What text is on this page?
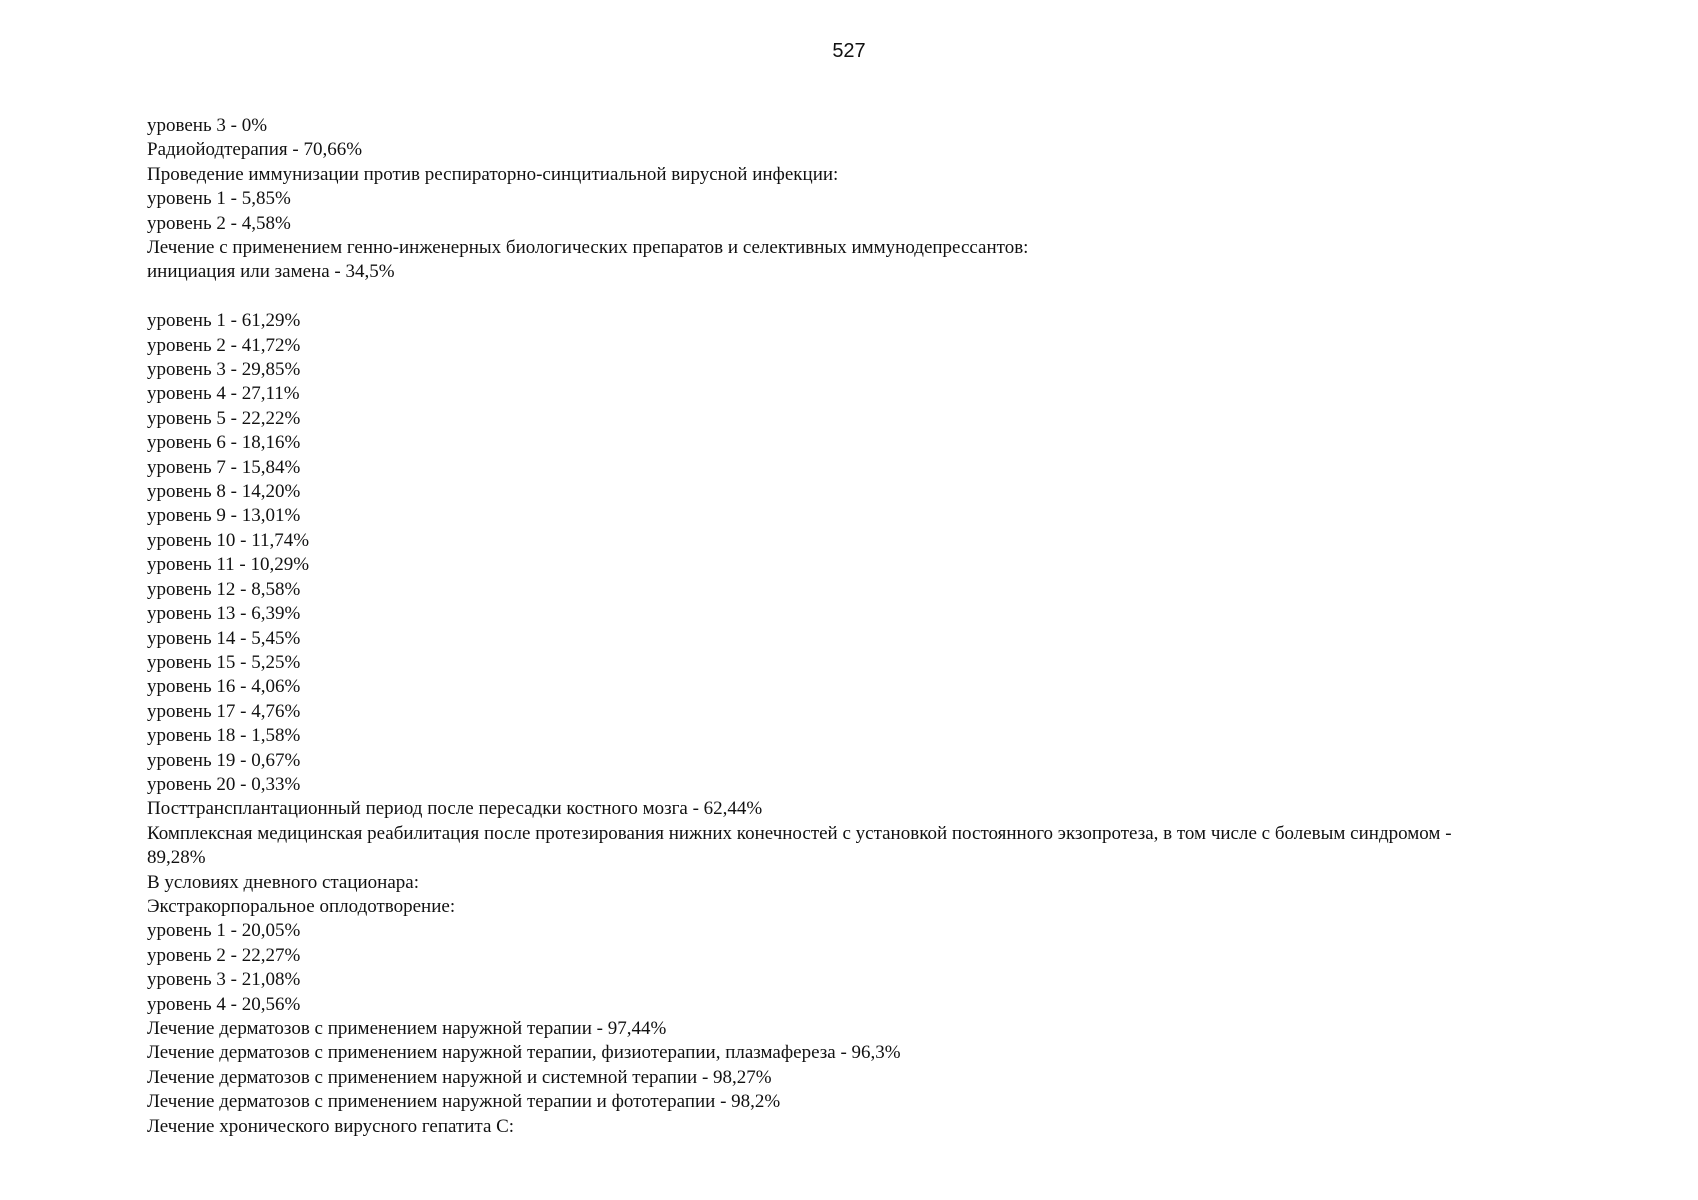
527
уровень 3 - 0%
Радиойодтерапия - 70,66%
Проведение иммунизации против респираторно-синцитиальной вирусной инфекции:
уровень 1 - 5,85%
уровень 2 - 4,58%
Лечение с применением генно-инженерных биологических препаратов и селективных иммунодепрессантов:
инициация или замена - 34,5%
уровень 1 - 61,29%
уровень 2 - 41,72%
уровень 3 - 29,85%
уровень 4 - 27,11%
уровень 5 - 22,22%
уровень 6 - 18,16%
уровень 7 - 15,84%
уровень 8 - 14,20%
уровень 9 - 13,01%
уровень 10 - 11,74%
уровень 11 - 10,29%
уровень 12 - 8,58%
уровень 13 - 6,39%
уровень 14 - 5,45%
уровень 15 - 5,25%
уровень 16 - 4,06%
уровень 17 - 4,76%
уровень 18 - 1,58%
уровень 19 - 0,67%
уровень 20 - 0,33%
Посттрансплантационный период после пересадки костного мозга - 62,44%
Комплексная медицинская реабилитация после протезирования нижних конечностей с установкой постоянного экзопротеза, в том числе с болевым синдромом -
89,28%
В условиях дневного стационара:
Экстракорпоральное оплодотворение:
уровень 1 - 20,05%
уровень 2 - 22,27%
уровень 3 - 21,08%
уровень 4 - 20,56%
Лечение дерматозов с применением наружной терапии - 97,44%
Лечение дерматозов с применением наружной терапии, физиотерапии, плазмафереза - 96,3%
Лечение дерматозов с применением наружной и системной терапии - 98,27%
Лечение дерматозов с применением наружной терапии и фототерапии - 98,2%
Лечение хронического вирусного гепатита С:
